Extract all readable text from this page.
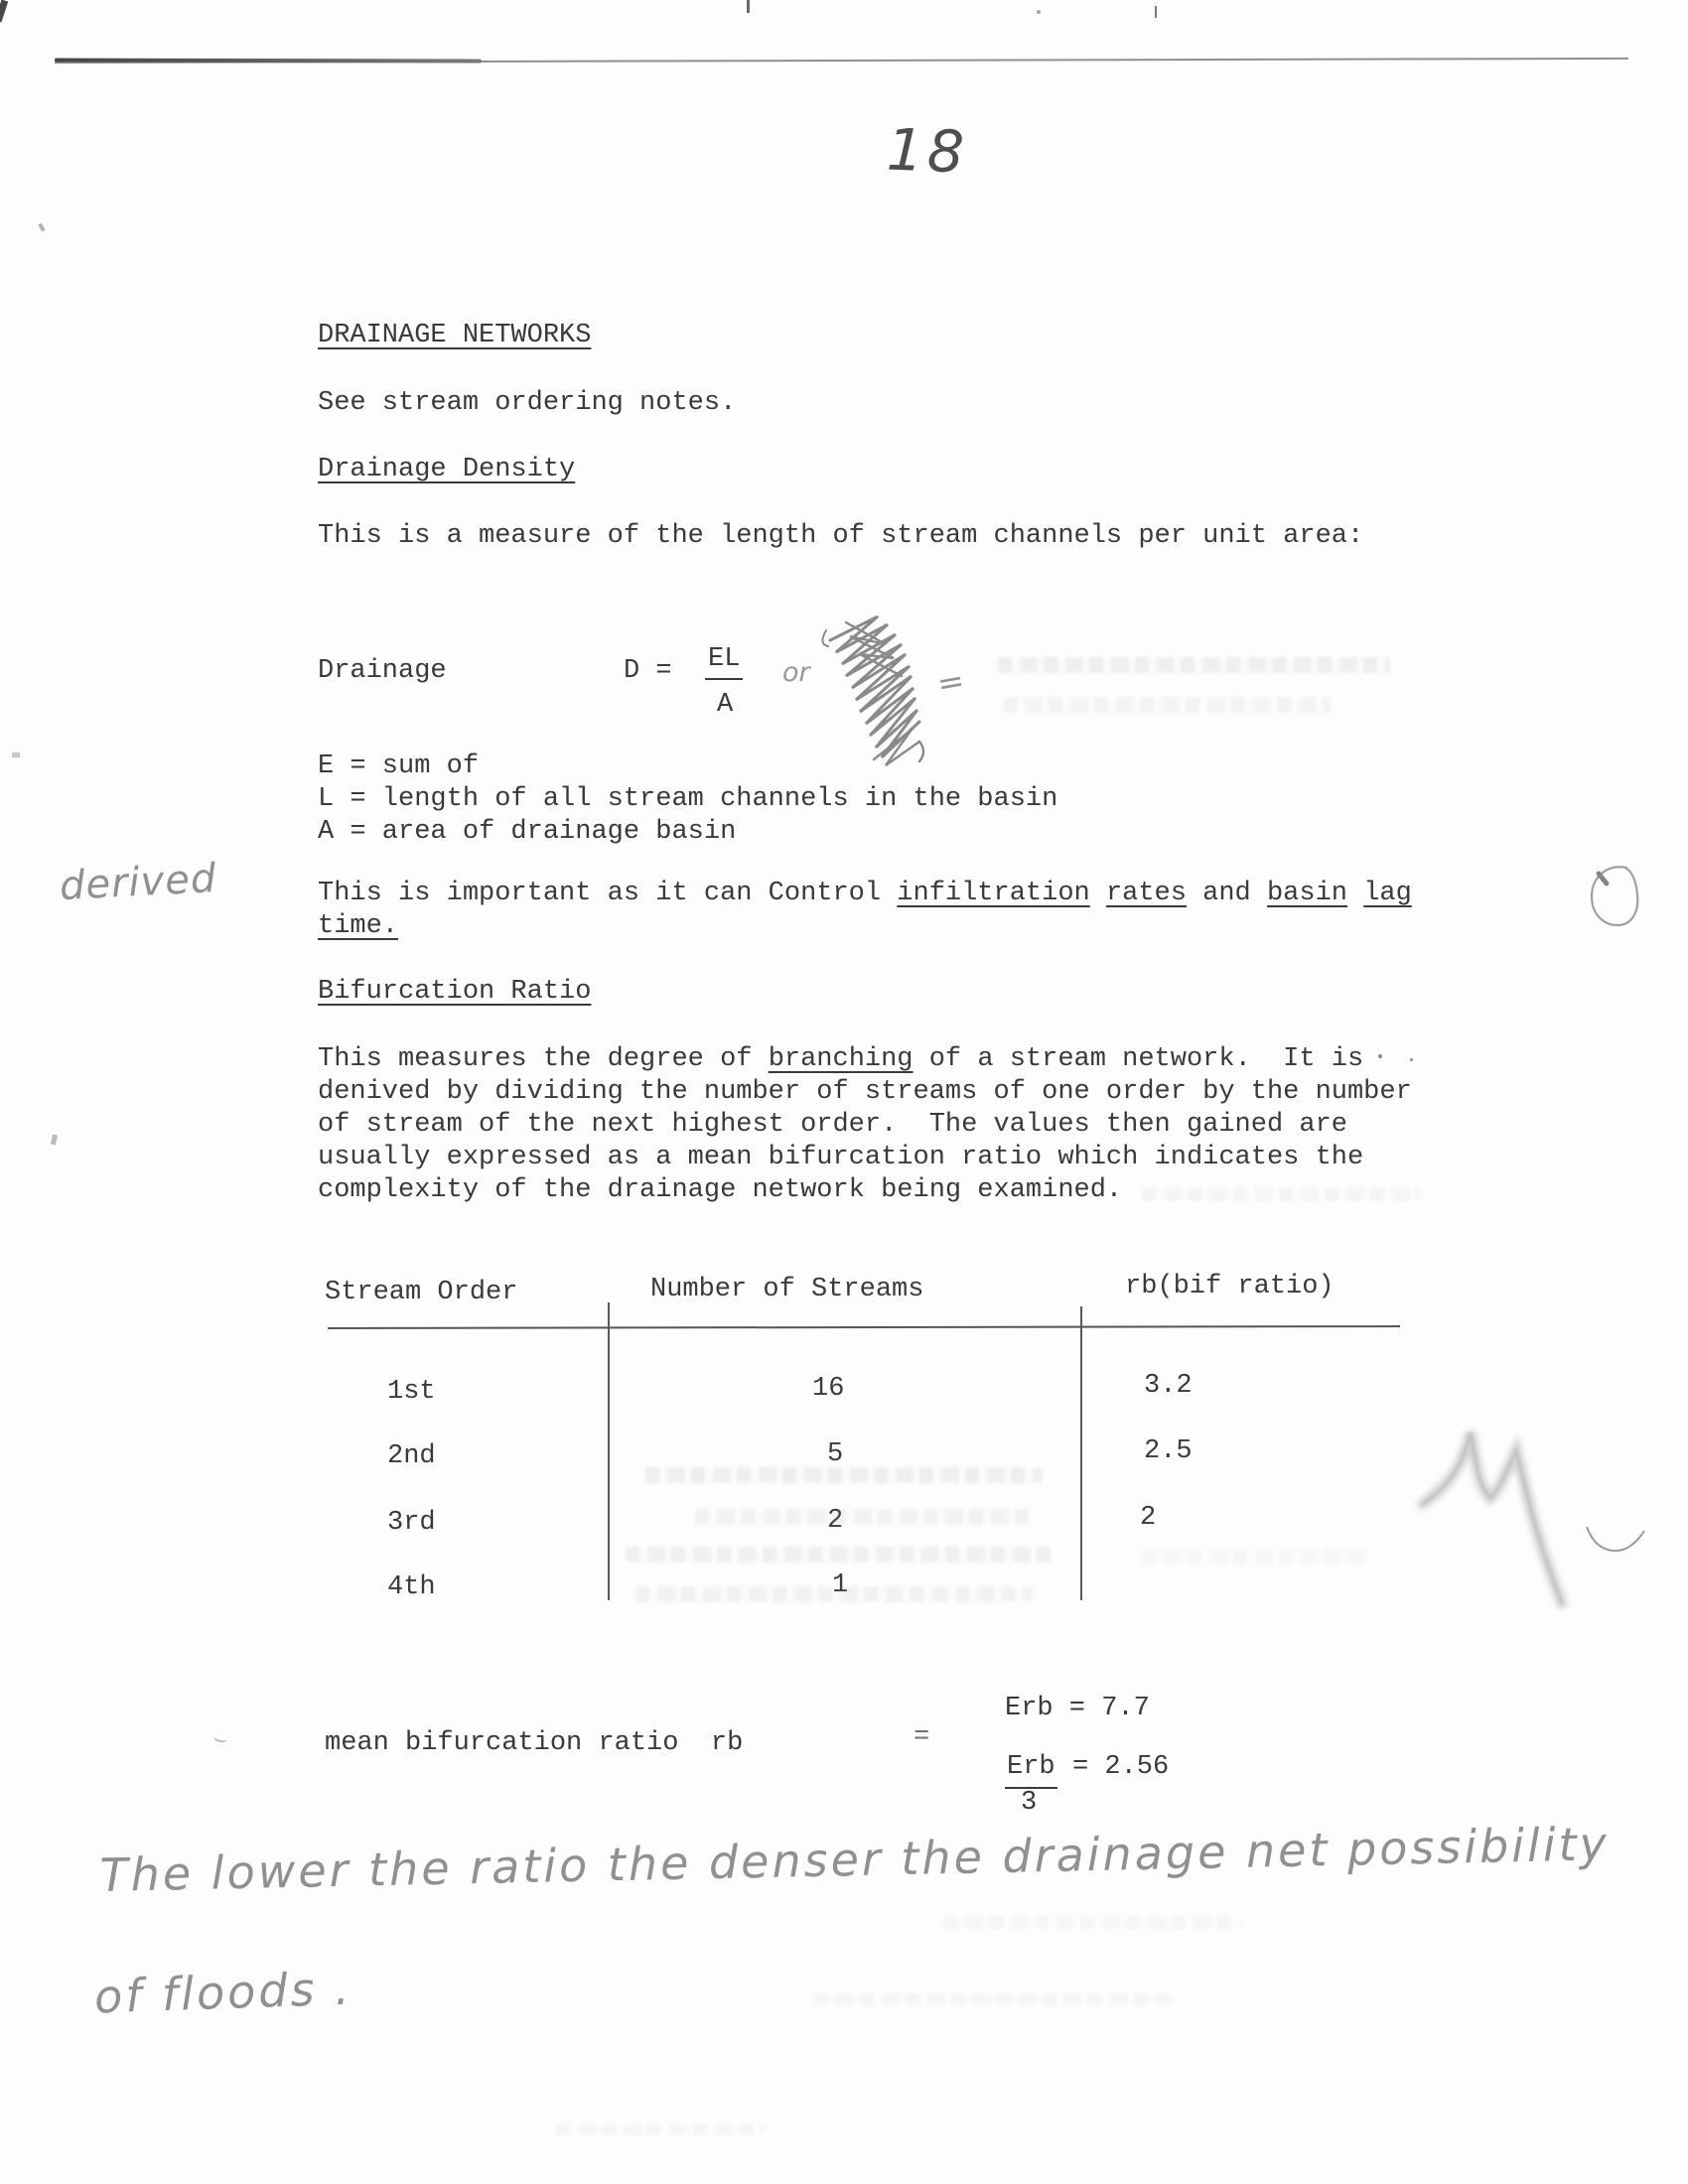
18
DRAINAGE NETWORKS
See stream ordering notes.
Drainage Density
This is a measure of the length of stream channels per unit area:
Drainage	D = EL
A
or	=
E = sum of
L = length of all stream channels in the basin
A = area of drainage basin
This is important as it can Control infiltration rates and basin lag
time.
derived
Bifurcation Ratio
This measures the degree of branching of a stream network.  It is
denived by dividing the number of streams of one order by the number
of stream of the next highest order.  The values then gained are
usually expressed as a mean bifurcation ratio which indicates the
complexity of the drainage network being examined.
Stream Order	Number of Streams	rb(bif ratio)
1st	16	3.2
2nd	5	2.5
3rd	2	2
4th	1
Erb = 7.7
mean bifurcation ratio  rb	=
Erb = 2.56
3
The lower the ratio the denser the drainage net possibility
of floods .
